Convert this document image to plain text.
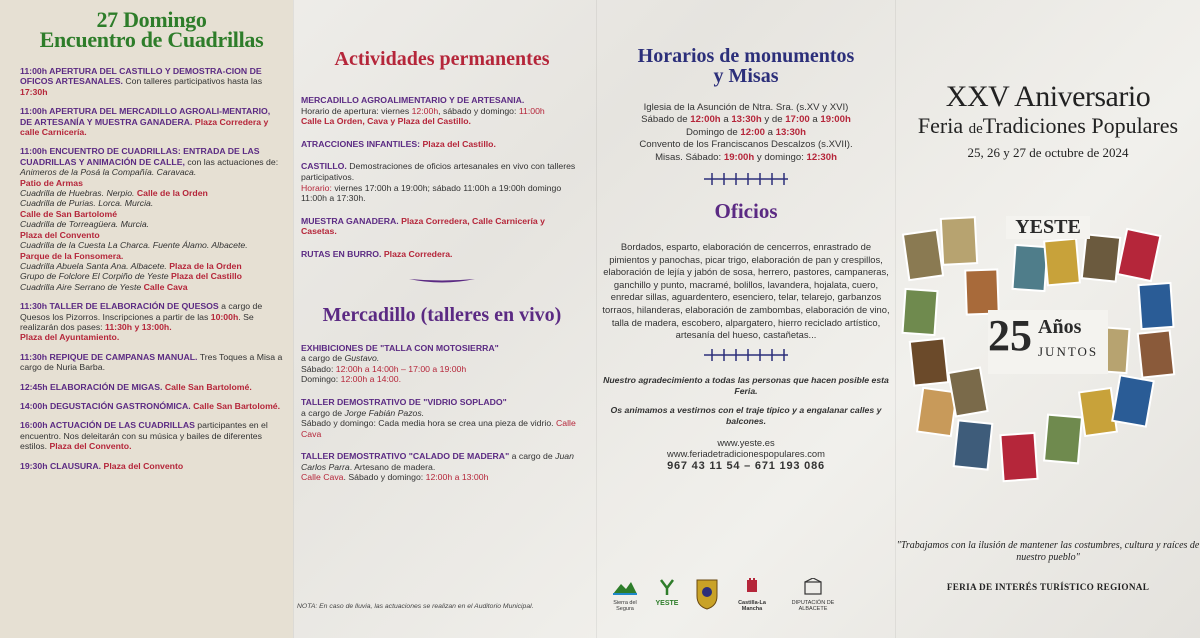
27 Domingo
Encuentro de Cuadrillas
11:00h APERTURA DEL CASTILLO Y DEMOSTRA-CION DE OFICOS ARTESANALES. Con talleres participativos hasta las 17:30h
11:00h APERTURA DEL MERCADILLO AGROALI-MENTARIO, DE ARTESANÍA Y MUESTRA GANADERA. Plaza Corredera y calle Carnicería.
11:00h ENCUENTRO DE CUADRILLAS: ENTRADA DE LAS CUADRILLAS Y ANIMACIÓN DE CALLE, con las actuaciones de:
Animeros de la Posá la Compañía. Caravaca.
Patio de Armas
Cuadrilla de Huebras. Nerpio. Calle de la Orden
Cuadrilla de Purias. Lorca. Murcia.
Calle de San Bartolomé
Cuadrilla de Torreagüera. Murcia.
Plaza del Convento
Cuadrilla de la Cuesta La Charca. Fuente Álamo. Albacete.
Parque de la Fonsomera.
Cuadrilla Abuela Santa Ana. Albacete. Plaza de la Orden
Grupo de Folclore El Corpiño de Yeste Plaza del Castillo
Cuadrilla Aire Serrano de Yeste Calle Cava
11:30h TALLER DE ELABORACIÓN DE QUESOS a cargo de Quesos los Pizorros. Inscripciones a partir de las 10:00h. Se realizarán dos pases: 11:30h y 13:00h.
Plaza del Ayuntamiento.
11:30h REPIQUE DE CAMPANAS MANUAL. Tres Toques a Misa a cargo de Nuria Barba.
12:45h ELABORACIÓN DE MIGAS. Calle San Bartolomé.
14:00h DEGUSTACIÓN GASTRONÓMICA. Calle San Bartolomé.
16:00h ACTUACIÓN DE LAS CUADRILLAS participantes en el encuentro. Nos deleitarán con su música y bailes de diferentes estilos. Plaza del Convento.
19:30h CLAUSURA. Plaza del Convento
Actividades permanentes
MERCADILLO AGROALIMENTARIO Y DE ARTESANIA.
Horario de apertura: viernes 12:00h, sábado y domingo: 11:00h
Calle La Orden, Cava y Plaza del Castillo.
ATRACCIONES INFANTILES: Plaza del Castillo.
CASTILLO. Demostraciones de oficios artesanales en vivo con talleres participativos.
Horario: viernes 17:00h a 19:00h; sábado 11:00h a 19:00h domingo 11:00h a 17:30h.
MUESTRA GANADERA. Plaza Corredera, Calle Carnicería y Casetas.
RUTAS EN BURRO. Plaza Corredera.
Mercadillo (talleres en vivo)
EXHIBICIONES DE "TALLA CON MOTOSIERRA"
a cargo de Gustavo.
Sábado: 12:00h a 14:00h – 17:00 a 19:00h
Domingo: 12:00h a 14:00.
TALLER DEMOSTRATIVO DE "VIDRIO SOPLADO"
a cargo de Jorge Fabián Pazos.
Sábado y domingo: Cada media hora se crea una pieza de vidrio. Calle Cava
TALLER DEMOSTRATIVO "CALADO DE MADERA" a cargo de Juan Carlos Parra. Artesano de madera.
Calle Cava. Sábado y domingo: 12:00h a 13:00h
NOTA: En caso de lluvia, las actuaciones se realizan en el Auditorio Municipal.
Horarios de monumentos
y Misas
Iglesia de la Asunción de Ntra. Sra. (s.XV y XVI)
Sábado de 12:00h a 13:30h y de 17:00 a 19:00h
Domingo de 12:00 a 13:30h
Convento de los Franciscanos Descalzos (s.XVII).
Misas. Sábado: 19:00h y domingo: 12:30h
Oficios
Bordados, esparto, elaboración de cencerros, enrastrado de pimientos y panochas, picar trigo, elaboración de pan y crespillos, elaboración de lejía y jabón de sosa, herrero, pastores, campaneras, ganchillo y punto, macramé, bolillos, lavandera, hojalata, cuero, enredar sillas, aguardentero, esenciero, telar, telarejo, garbanzos torraos, hilanderas, elaboración de zambombas, elaboración de vino, talla de madera, escobero, alpargatero, hierro reciclado artístico, artesanía del hueso, castañetas...
Nuestro agradecimiento a todas las personas que hacen posible esta Feria.
Os animamos a vestirnos con el traje típico y a engalanar calles y balcones.
www.yeste.es
www.feriadetradicionespopulares.com
967 43 11 54 – 671 193 086
Sierra del Segura
YESTE	Castilla-La Mancha
DIPUTACIÓN DE ALBACETE
XXV Aniversario
Feria deTradiciones Populares
25, 26 y 27 de octubre de 2024
YESTE
25 Años
JUNTOS
"Trabajamos con la ilusión de mantener las costumbres, cultura y raíces de nuestro pueblo"
FERIA DE INTERÉS TURÍSTICO REGIONAL
